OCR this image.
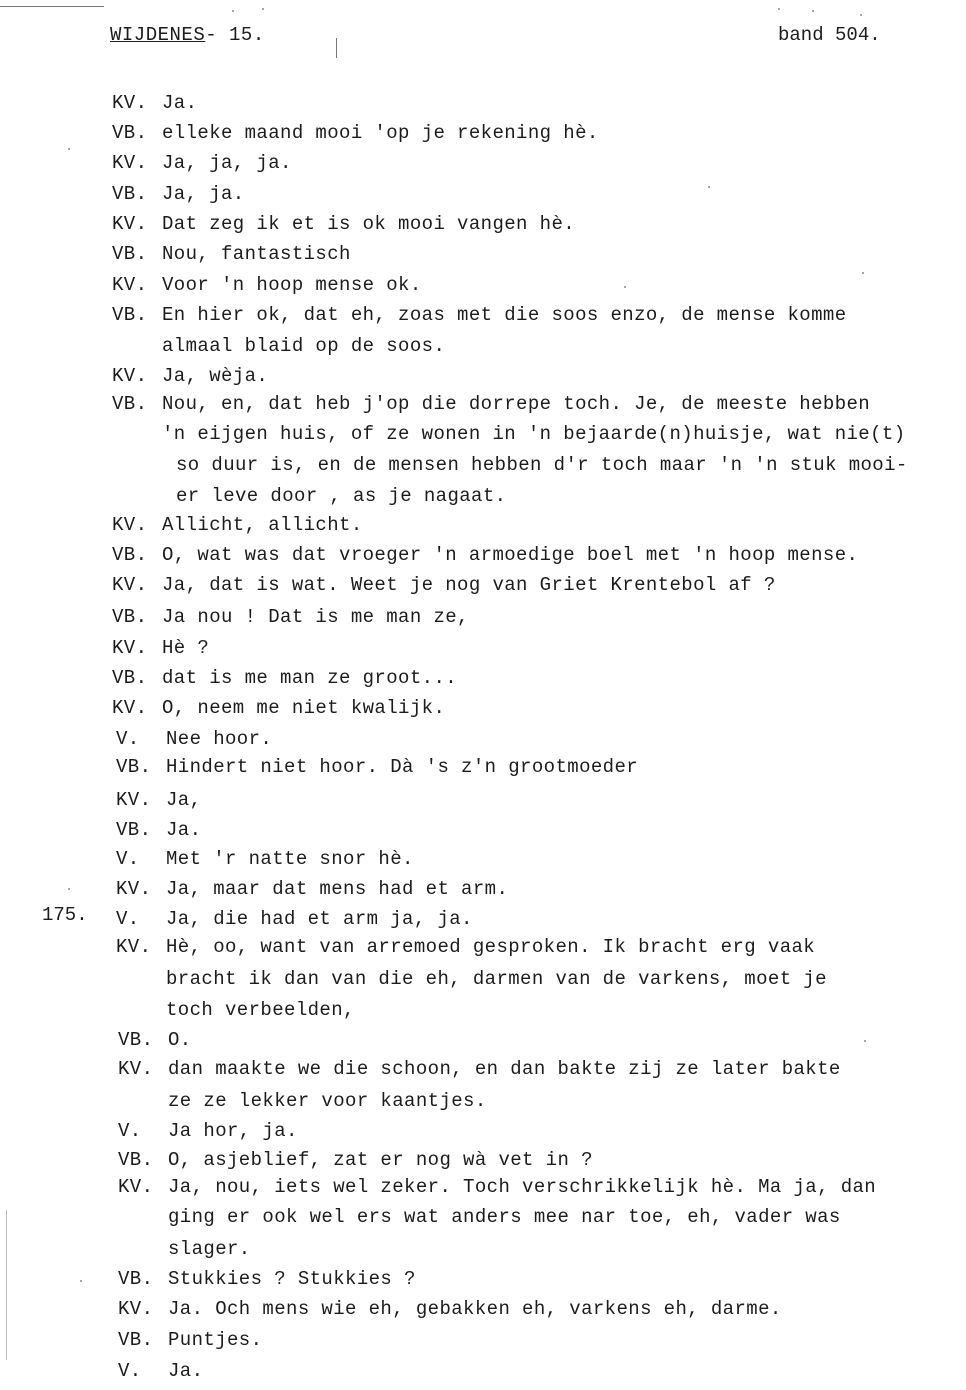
WIJDENES- 15.	band 504.
175.
KV. Ja.
VB. elleke maand mooi 'op je rekening hè.
KV. Ja, ja, ja.
VB. Ja, ja.
KV. Dat zeg ik et is ok mooi vangen hè.
VB. Nou, fantastisch
KV. Voor 'n hoop mense ok.
VB. En hier ok, dat eh, zoas met die soos enzo, de mense komme
almaal blaid op de soos.
KV. Ja, wèja.
VB. Nou, en, dat heb j'op die dorrepe toch. Je, de meeste hebben
'n eijgen huis, of ze wonen in 'n bejaarde(n)huisje, wat nie(t)
so duur is, en de mensen hebben d'r toch maar 'n 'n stuk mooi-
er leve door , as je nagaat.
KV. Allicht, allicht.
VB. O, wat was dat vroeger 'n armoedige boel met 'n hoop mense.
KV. Ja, dat is wat. Weet je nog van Griet Krentebol af ?
VB. Ja nou ! Dat is me man ze,
KV. Hè ?
VB. dat is me man ze groot...
KV. O, neem me niet kwalijk.
V. Nee hoor.
VB. Hindert niet hoor. Dà 's z'n grootmoeder
KV. Ja,
VB. Ja.
V. Met 'r natte snor hè.
KV. Ja, maar dat mens had et arm.
V. Ja, die had et arm ja, ja.
KV. Hè, oo, want van arremoed gesproken. Ik bracht erg vaak
bracht ik dan van die eh, darmen van de varkens, moet je
toch verbeelden,
VB. O.
KV. dan maakte we die schoon, en dan bakte zij ze later bakte
ze ze lekker voor kaantjes.
V. Ja hor, ja.
VB. O, asjeblief, zat er nog wà vet in ?
KV. Ja, nou, iets wel zeker. Toch verschrikkelijk hè. Ma ja, dan
ging er ook wel ers wat anders mee nar toe, eh, vader was
slager.
VB. Stukkies ? Stukkies ?
KV. Ja. Och mens wie eh, gebakken eh, varkens eh, darme.
VB. Puntjes.
V. Ja.
